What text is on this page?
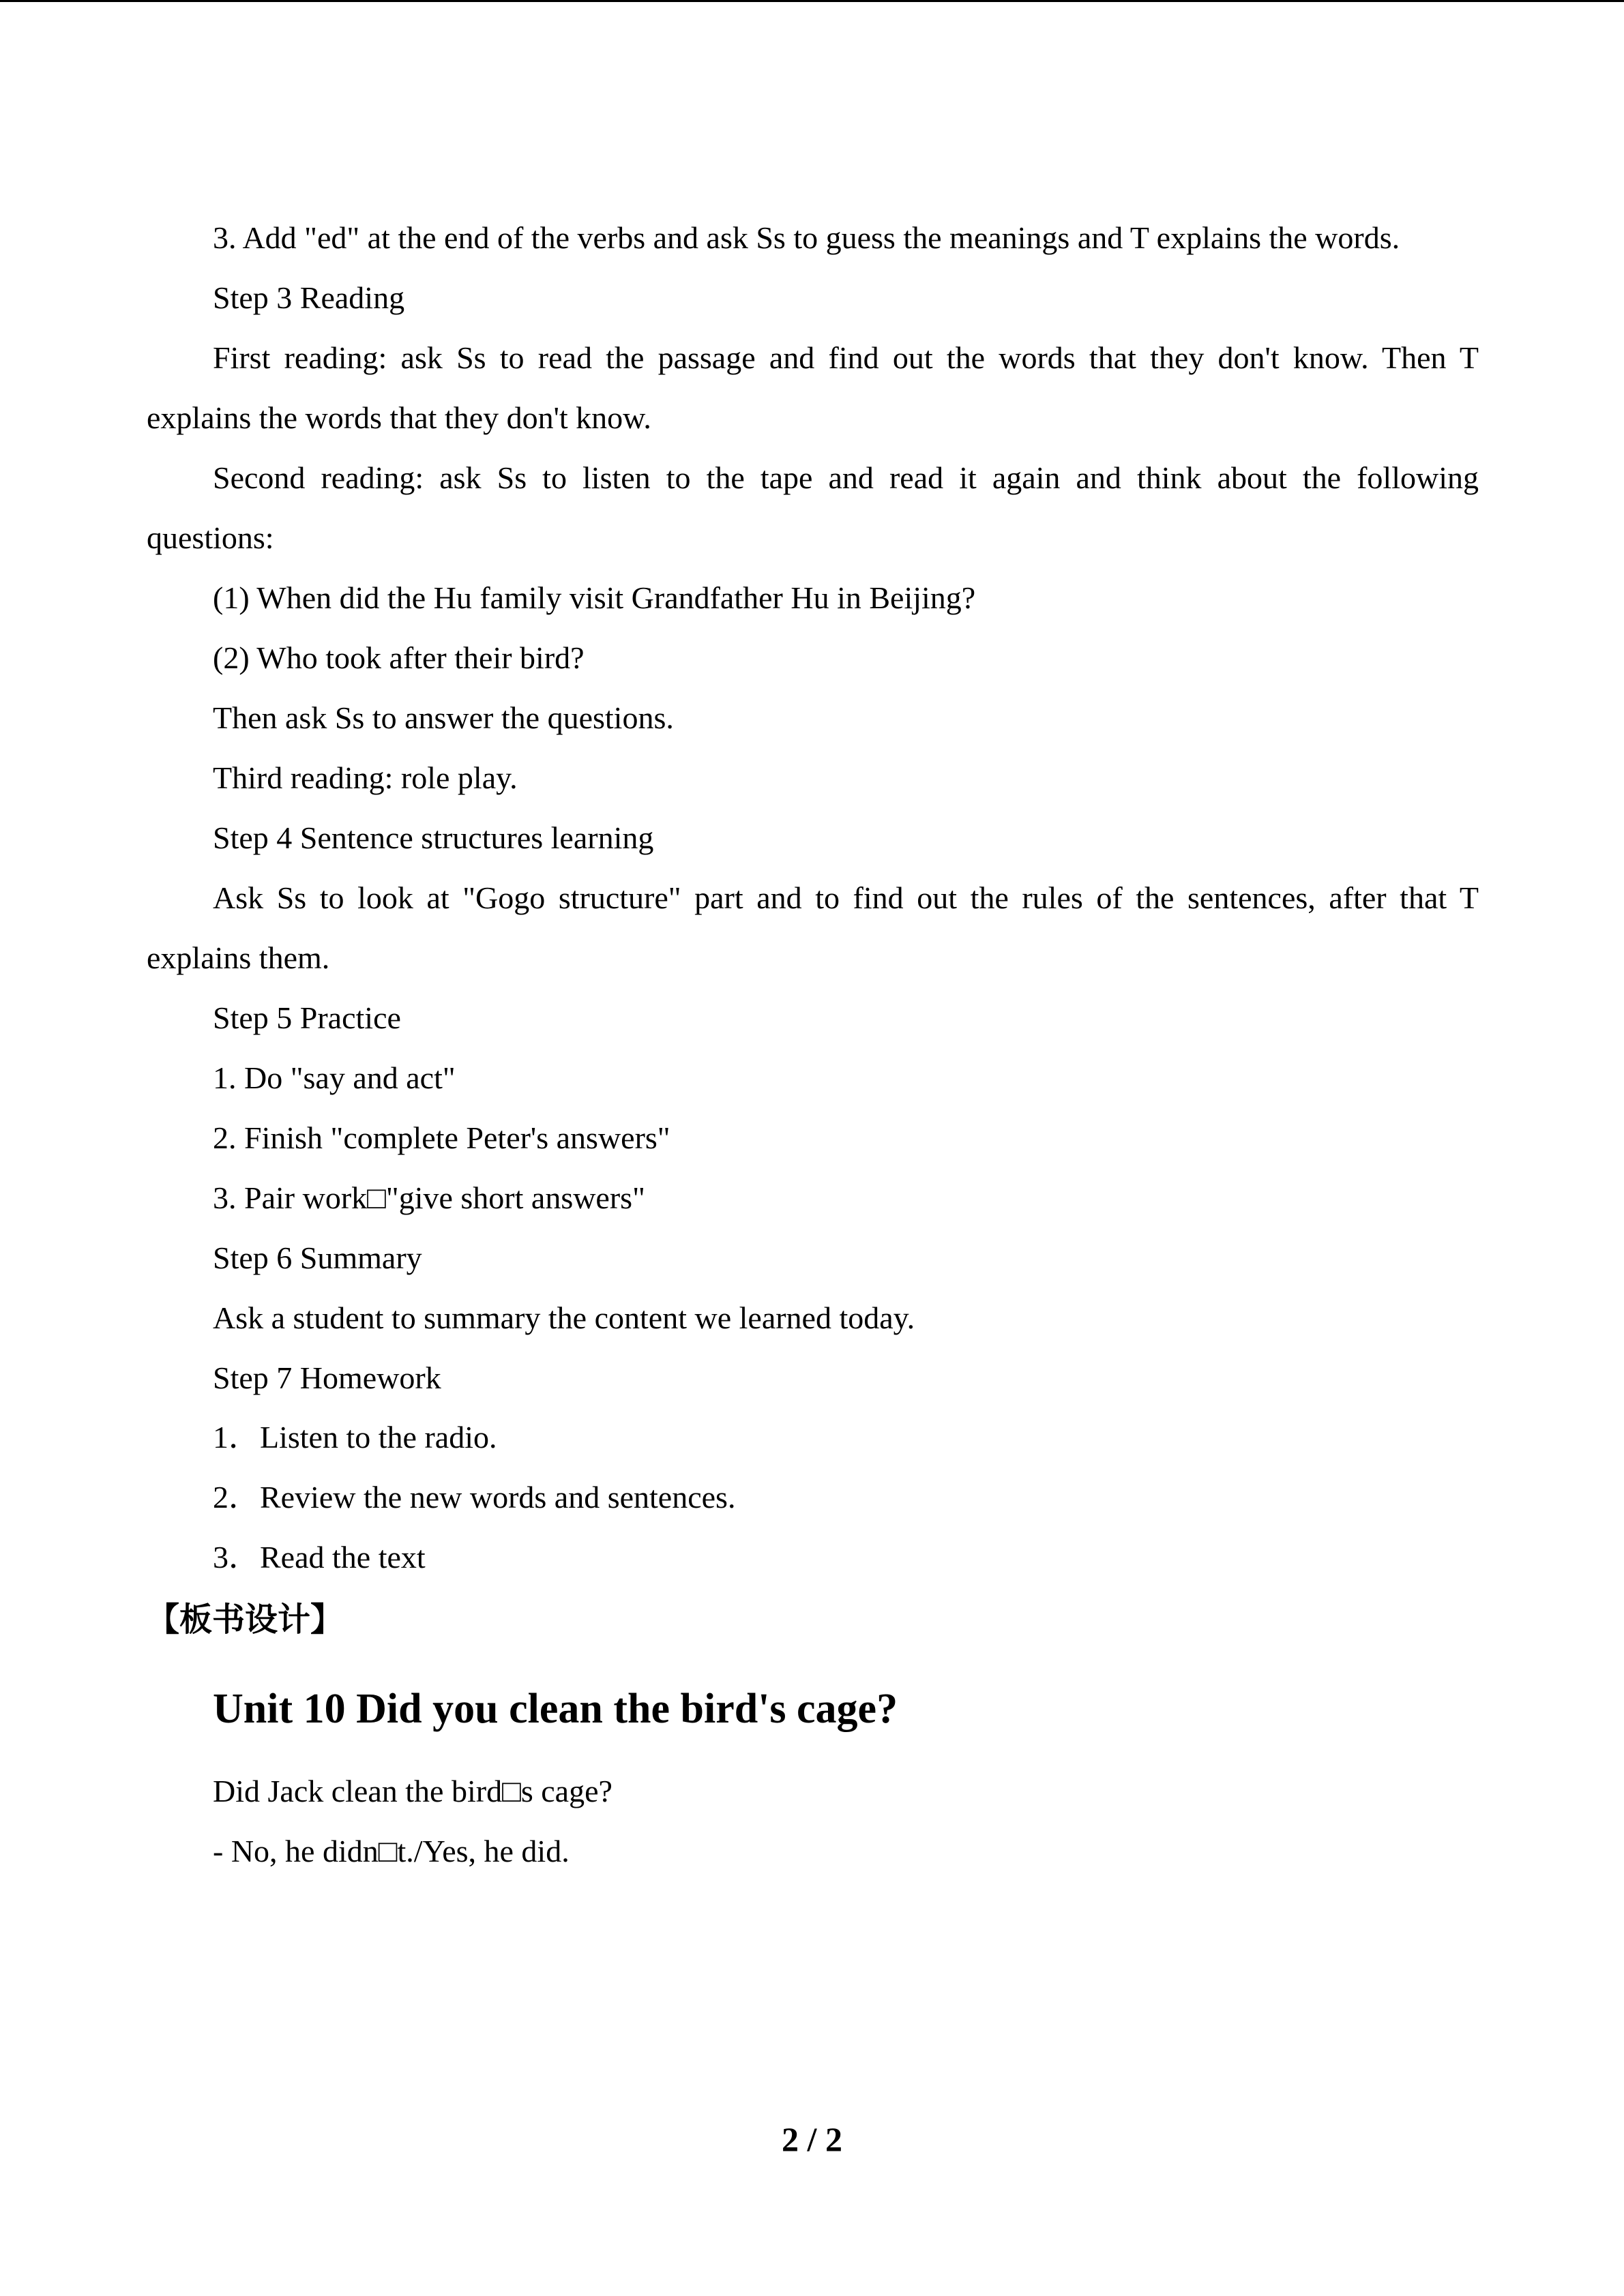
3. Add "ed" at the end of the verbs and ask Ss to guess the meanings and T explains the words.
Step 3 Reading
First reading: ask Ss to read the passage and find out the words that they don't know. Then T
explains the words that they don't know.
Second reading: ask Ss to listen to the tape and read it again and think about the following
questions:
(1) When did the Hu family visit Grandfather Hu in Beijing?
(2) Who took after their bird?
Then ask Ss to answer the questions.
Third reading: role play.
Step 4 Sentence structures learning
Ask Ss to look at "Gogo structure" part and to find out the rules of the sentences, after that T
explains them.
Step 5 Practice
1. Do "say and act"
2. Finish "complete Peter's answers"
3. Pair work□"give short answers"
Step 6 Summary
Ask a student to summary the content we learned today.
Step 7 Homework
1．Listen to the radio.
2．Review the new words and sentences.
3．Read the text
【板书设计】
Unit 10 Did you clean the bird's cage?
Did Jack clean the bird□s cage?
- No, he didn□t./Yes, he did.
2 / 2
